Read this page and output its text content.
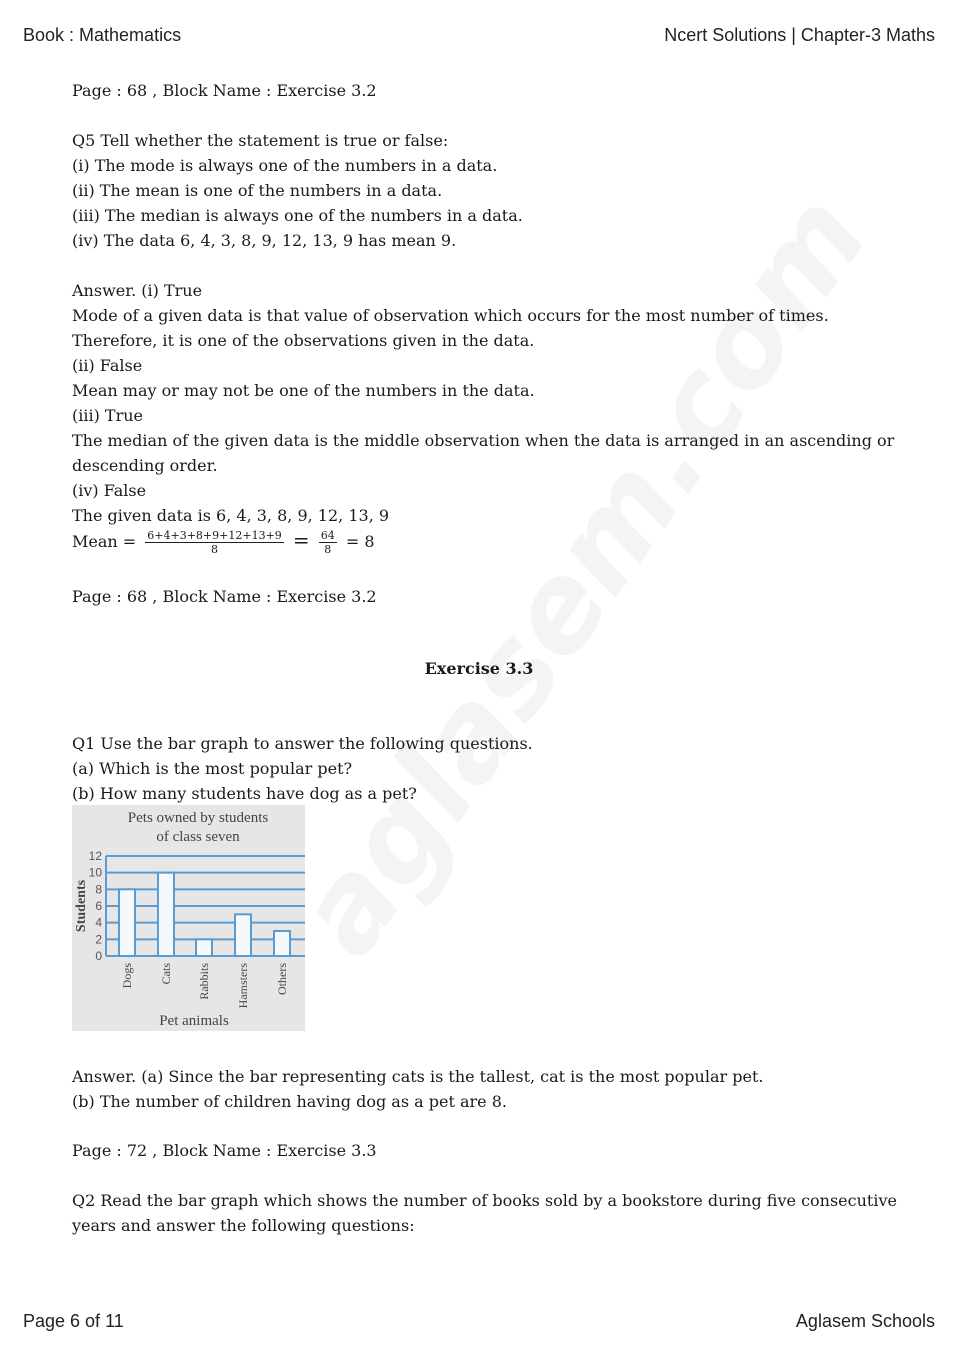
Book : Mathematics	Ncert Solutions | Chapter-3 Maths
Page : 68 , Block Name : Exercise 3.2
Q5 Tell whether the statement is true or false:
(i) The mode is always one of the numbers in a data.
(ii) The mean is one of the numbers in a data.
(iii) The median is always one of the numbers in a data.
(iv) The data 6, 4, 3, 8, 9, 12, 13, 9 has mean 9.
Answer. (i) True
Mode of a given data is that value of observation which occurs for the most number of times.
Therefore, it is one of the observations given in the data.
(ii) False
Mean may or may not be one of the numbers in the data.
(iii) True
The median of the given data is the middle observation when the data is arranged in an ascending or
descending order.
(iv) False
The given data is 6, 4, 3, 8, 9, 12, 13, 9
Mean = $\frac{6+4+3+8+9+12+13+9}{8} = \frac{64}{8} = 8$
Page : 68 , Block Name : Exercise 3.2
Exercise 3.3
Q1 Use the bar graph to answer the following questions.
(a) Which is the most popular pet?
(b) How many students have dog as a pet?
Pets owned by students
of class seven
0
2
4
6
8
10
12
Dogs Cats Rabbits Hamsters Others
Students
Pet animals
Answer. (a) Since the bar representing cats is the tallest, cat is the most popular pet.
(b) The number of children having dog as a pet are 8.
Page : 72 , Block Name : Exercise 3.3
Q2 Read the bar graph which shows the number of books sold by a bookstore during five consecutive
years and answer the following questions:
Page 6 of 11	Aglasem Schools
